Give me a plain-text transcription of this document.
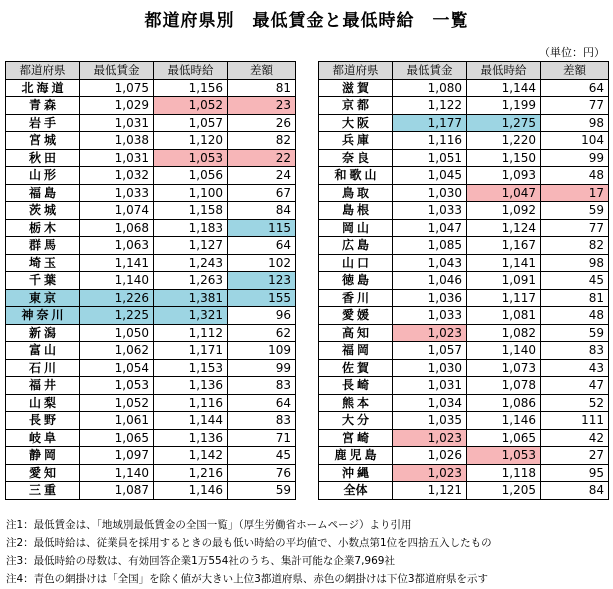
都道府県別　最低賃金と最低時給　一覧
（単位：円）
都道府県	最低賃金	最低時給	差額
北海道	1,075	1,156	81
青森	1,029	1,052	23
岩手	1,031	1,057	26
宮城	1,038	1,120	82
秋田	1,031	1,053	22
山形	1,032	1,056	24
福島	1,033	1,100	67
茨城	1,074	1,158	84
栃木	1,068	1,183	115
群馬	1,063	1,127	64
埼玉	1,141	1,243	102
千葉	1,140	1,263	123
東京	1,226	1,381	155
神奈川	1,225	1,321	96
新潟	1,050	1,112	62
富山	1,062	1,171	109
石川	1,054	1,153	99
福井	1,053	1,136	83
山梨	1,052	1,116	64
長野	1,061	1,144	83
岐阜	1,065	1,136	71
静岡	1,097	1,142	45
愛知	1,140	1,216	76
三重	1,087	1,146	59
都道府県	最低賃金	最低時給	差額
滋賀	1,080	1,144	64
京都	1,122	1,199	77
大阪	1,177	1,275	98
兵庫	1,116	1,220	104
奈良	1,051	1,150	99
和歌山	1,045	1,093	48
鳥取	1,030	1,047	17
島根	1,033	1,092	59
岡山	1,047	1,124	77
広島	1,085	1,167	82
山口	1,043	1,141	98
徳島	1,046	1,091	45
香川	1,036	1,117	81
愛媛	1,033	1,081	48
高知	1,023	1,082	59
福岡	1,057	1,140	83
佐賀	1,030	1,073	43
長崎	1,031	1,078	47
熊本	1,034	1,086	52
大分	1,035	1,146	111
宮崎	1,023	1,065	42
鹿児島	1,026	1,053	27
沖縄	1,023	1,118	95
全体	1,121	1,205	84
注1：最低賃金は、「地域別最低賃金の全国一覧」（厚生労働省ホームページ）より引用
注2：最低時給は、従業員を採用するときの最も低い時給の平均値で、小数点第1位を四捨五入したもの
注3：最低時給の母数は、有効回答企業1万554社のうち、集計可能な企業7,969社
注4：青色の網掛けは「全国」を除く値が大きい上位3都道府県、赤色の網掛けは下位3都道府県を示す
